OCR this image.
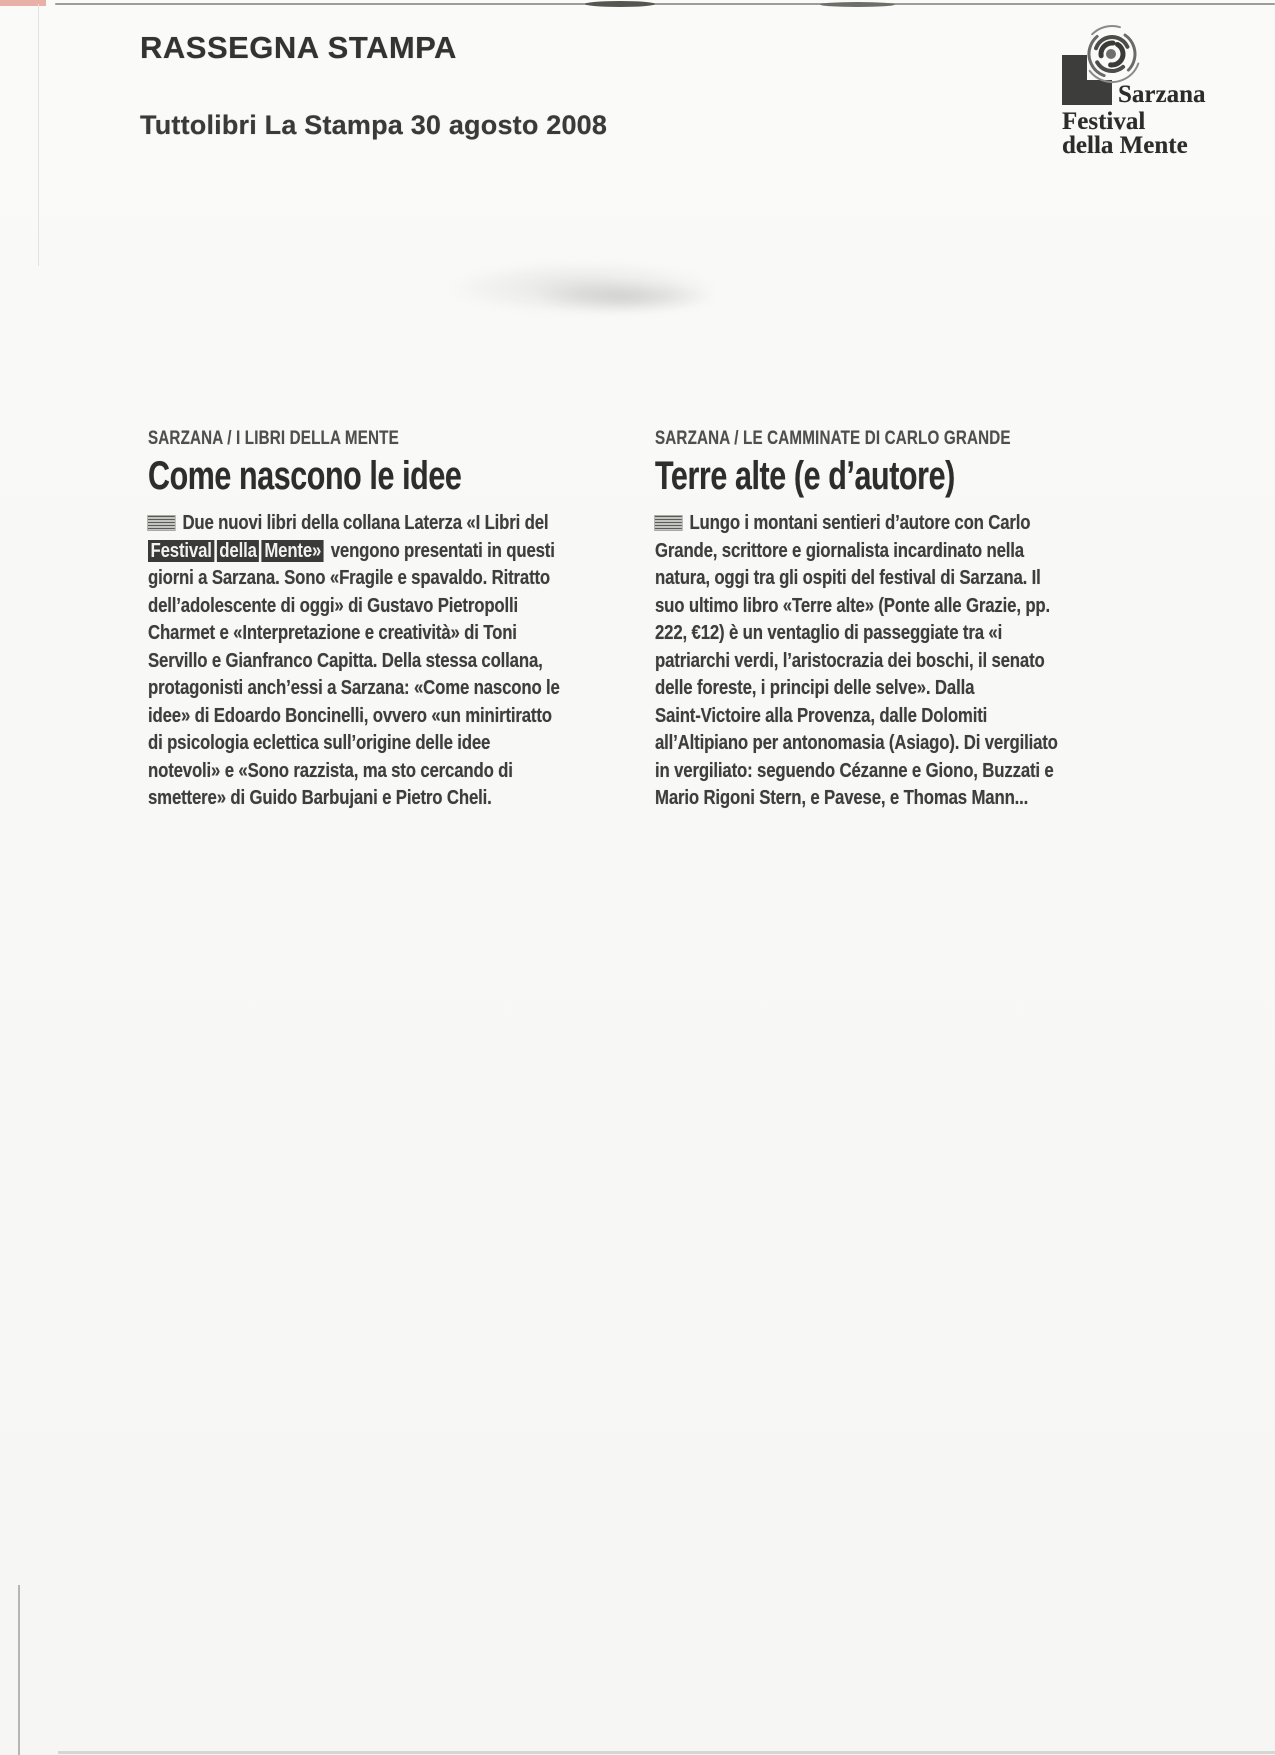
RASSEGNA STAMPA
Tuttolibri La Stampa 30 agosto 2008
Sarzana
Festival
della Mente
SARZANA / I LIBRI DELLA MENTE
Come nascono le idee
Due nuovi libri della collana Laterza «I Libri del
Festival della Mente» vengono presentati in questi
giorni a Sarzana. Sono «Fragile e spavaldo. Ritratto
dell’adolescente di oggi» di Gustavo Pietropolli
Charmet e «Interpretazione e creatività» di Toni
Servillo e Gianfranco Capitta. Della stessa collana,
protagonisti anch’essi a Sarzana: «Come nascono le
idee» di Edoardo Boncinelli, ovvero «un minirtiratto
di psicologia eclettica sull’origine delle idee
notevoli» e «Sono razzista, ma sto cercando di
smettere» di Guido Barbujani e Pietro Cheli.
SARZANA / LE CAMMINATE DI CARLO GRANDE
Terre alte (e d’autore)
Lungo i montani sentieri d’autore con Carlo
Grande, scrittore e giornalista incardinato nella
natura, oggi tra gli ospiti del festival di Sarzana. Il
suo ultimo libro «Terre alte» (Ponte alle Grazie, pp.
222, €12) è un ventaglio di passeggiate tra «i
patriarchi verdi, l’aristocrazia dei boschi, il senato
delle foreste, i principi delle selve». Dalla
Saint-Victoire alla Provenza, dalle Dolomiti
all’Altipiano per antonomasia (Asiago). Di vergiliato
in vergiliato: seguendo Cézanne e Giono, Buzzati e
Mario Rigoni Stern, e Pavese, e Thomas Mann...
